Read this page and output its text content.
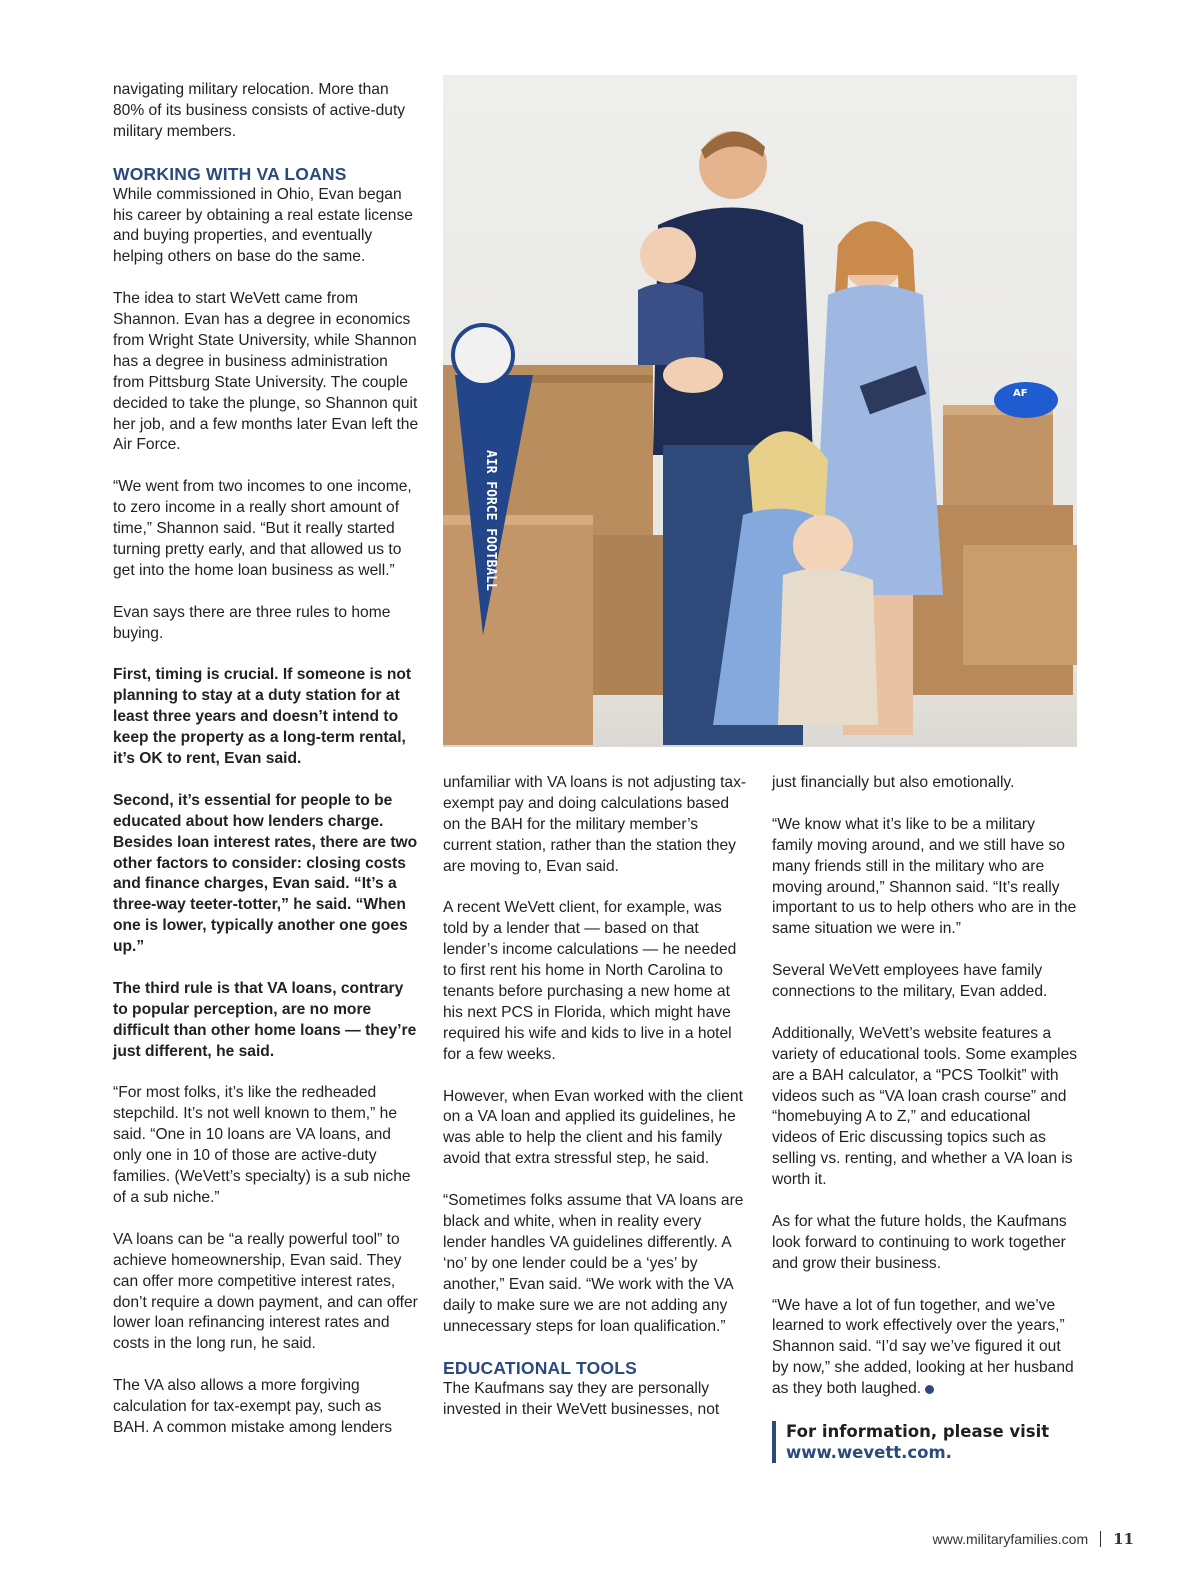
navigating military relocation. More than 80% of its business consists of active-duty military members.

WORKING WITH VA LOANS

While commissioned in Ohio, Evan began his career by obtaining a real estate license and buying properties, and eventually helping others on base do the same.

The idea to start WeVett came from Shannon. Evan has a degree in economics from Wright State University, while Shannon has a degree in business administration from Pittsburg State University. The couple decided to take the plunge, so Shannon quit her job, and a few months later Evan left the Air Force.

“We went from two incomes to one income, to zero income in a really short amount of time,” Shannon said. “But it really started turning pretty early, and that allowed us to get into the home loan business as well.”

Evan says there are three rules to home buying.

First, timing is crucial. If someone is not planning to stay at a duty station for at least three years and doesn’t intend to keep the property as a long-term rental, it’s OK to rent, Evan said.

Second, it’s essential for people to be educated about how lenders charge. Besides loan interest rates, there are two other factors to consider: closing costs and finance charges, Evan said. “It’s a three-way teeter-totter,” he said. “When one is lower, typically another one goes up.”

The third rule is that VA loans, contrary to popular perception, are no more difficult than other home loans — they’re just different, he said.

“For most folks, it’s like the redheaded stepchild. It’s not well known to them,” he said. “One in 10 loans are VA loans, and only one in 10 of those are active-duty families. (WeVett’s specialty) is a sub niche of a sub niche.”

VA loans can be “a really powerful tool” to achieve homeownership, Evan said. They can offer more competitive interest rates, don’t require a down payment, and can offer lower loan refinancing interest rates and costs in the long run, he said.

The VA also allows a more forgiving calculation for tax-exempt pay, such as BAH. A common mistake among lenders

AIR FORCE FOOTBALL
AF

unfamiliar with VA loans is not adjusting tax-exempt pay and doing calculations based on the BAH for the military member’s current station, rather than the station they are moving to, Evan said.

A recent WeVett client, for example, was told by a lender that — based on that lender’s income calculations — he needed to first rent his home in North Carolina to tenants before purchasing a new home at his next PCS in Florida, which might have required his wife and kids to live in a hotel for a few weeks.

However, when Evan worked with the client on a VA loan and applied its guidelines, he was able to help the client and his family avoid that extra stressful step, he said.

“Sometimes folks assume that VA loans are black and white, when in reality every lender handles VA guidelines differently. A ‘no’ by one lender could be a ‘yes’ by another,” Evan said. “We work with the VA daily to make sure we are not adding any unnecessary steps for loan qualification.”

EDUCATIONAL TOOLS

The Kaufmans say they are personally invested in their WeVett businesses, not

just financially but also emotionally.

“We know what it’s like to be a military family moving around, and we still have so many friends still in the military who are moving around,” Shannon said. “It’s really important to us to help others who are in the same situation we were in.”

Several WeVett employees have family connections to the military, Evan added.

Additionally, WeVett’s website features a variety of educational tools. Some examples are a BAH calculator, a “PCS Toolkit” with videos such as “VA loan crash course” and “homebuying A to Z,” and educational videos of Eric discussing topics such as selling vs. renting, and whether a VA loan is worth it.

As for what the future holds, the Kaufmans look forward to continuing to work together and grow their business.

“We have a lot of fun together, and we’ve learned to work effectively over the years,” Shannon said. “I’d say we’ve figured it out by now,” she added, looking at her husband as they both laughed.

For information, please visit
www.wevett.com.
www.militaryfamilies.com 11
